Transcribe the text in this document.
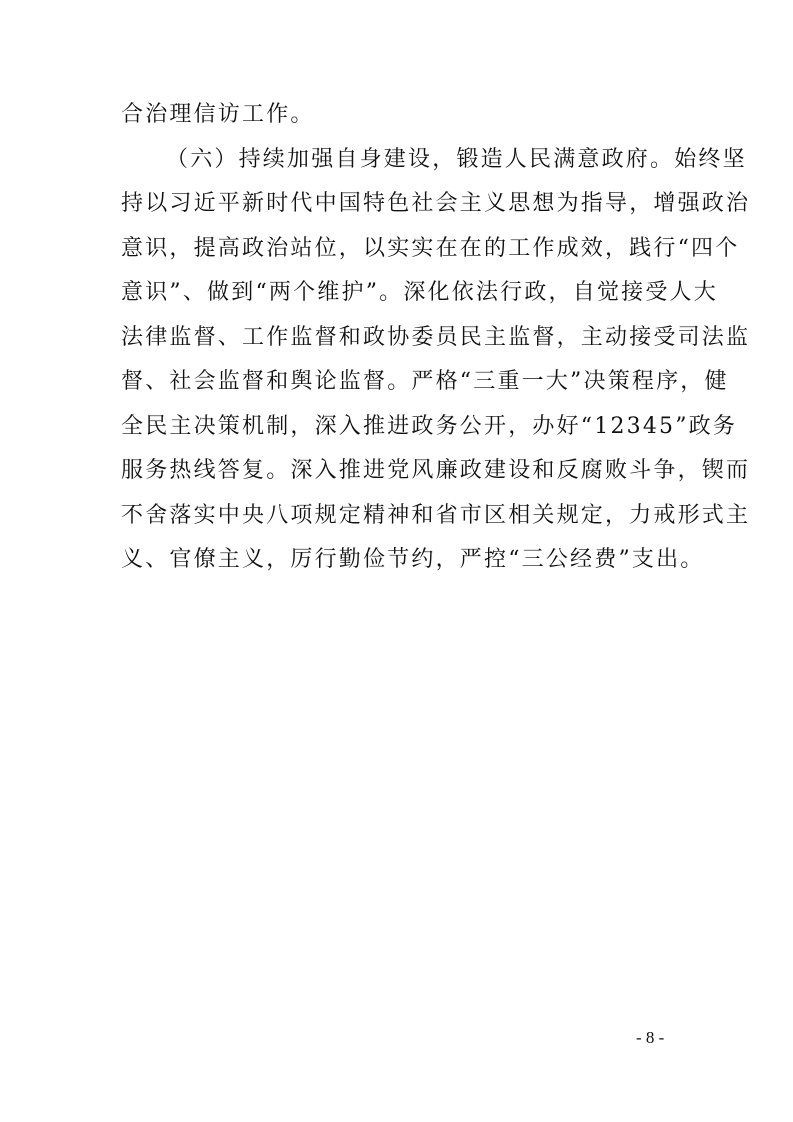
合治理信访工作。
（六）持续加强自身建设，锻造人民满意政府。始终坚
持以习近平新时代中国特色社会主义思想为指导，增强政治
意识，提高政治站位，以实实在在的工作成效，践行“四个
意识”、做到“两个维护”。深化依法行政，自觉接受人大
法律监督、工作监督和政协委员民主监督，主动接受司法监
督、社会监督和舆论监督。严格“三重一大”决策程序，健
全民主决策机制，深入推进政务公开，办好“12345”政务
服务热线答复。深入推进党风廉政建设和反腐败斗争，锲而
不舍落实中央八项规定精神和省市区相关规定，力戒形式主
义、官僚主义，厉行勤俭节约，严控“三公经费”支出。
- 8 -
